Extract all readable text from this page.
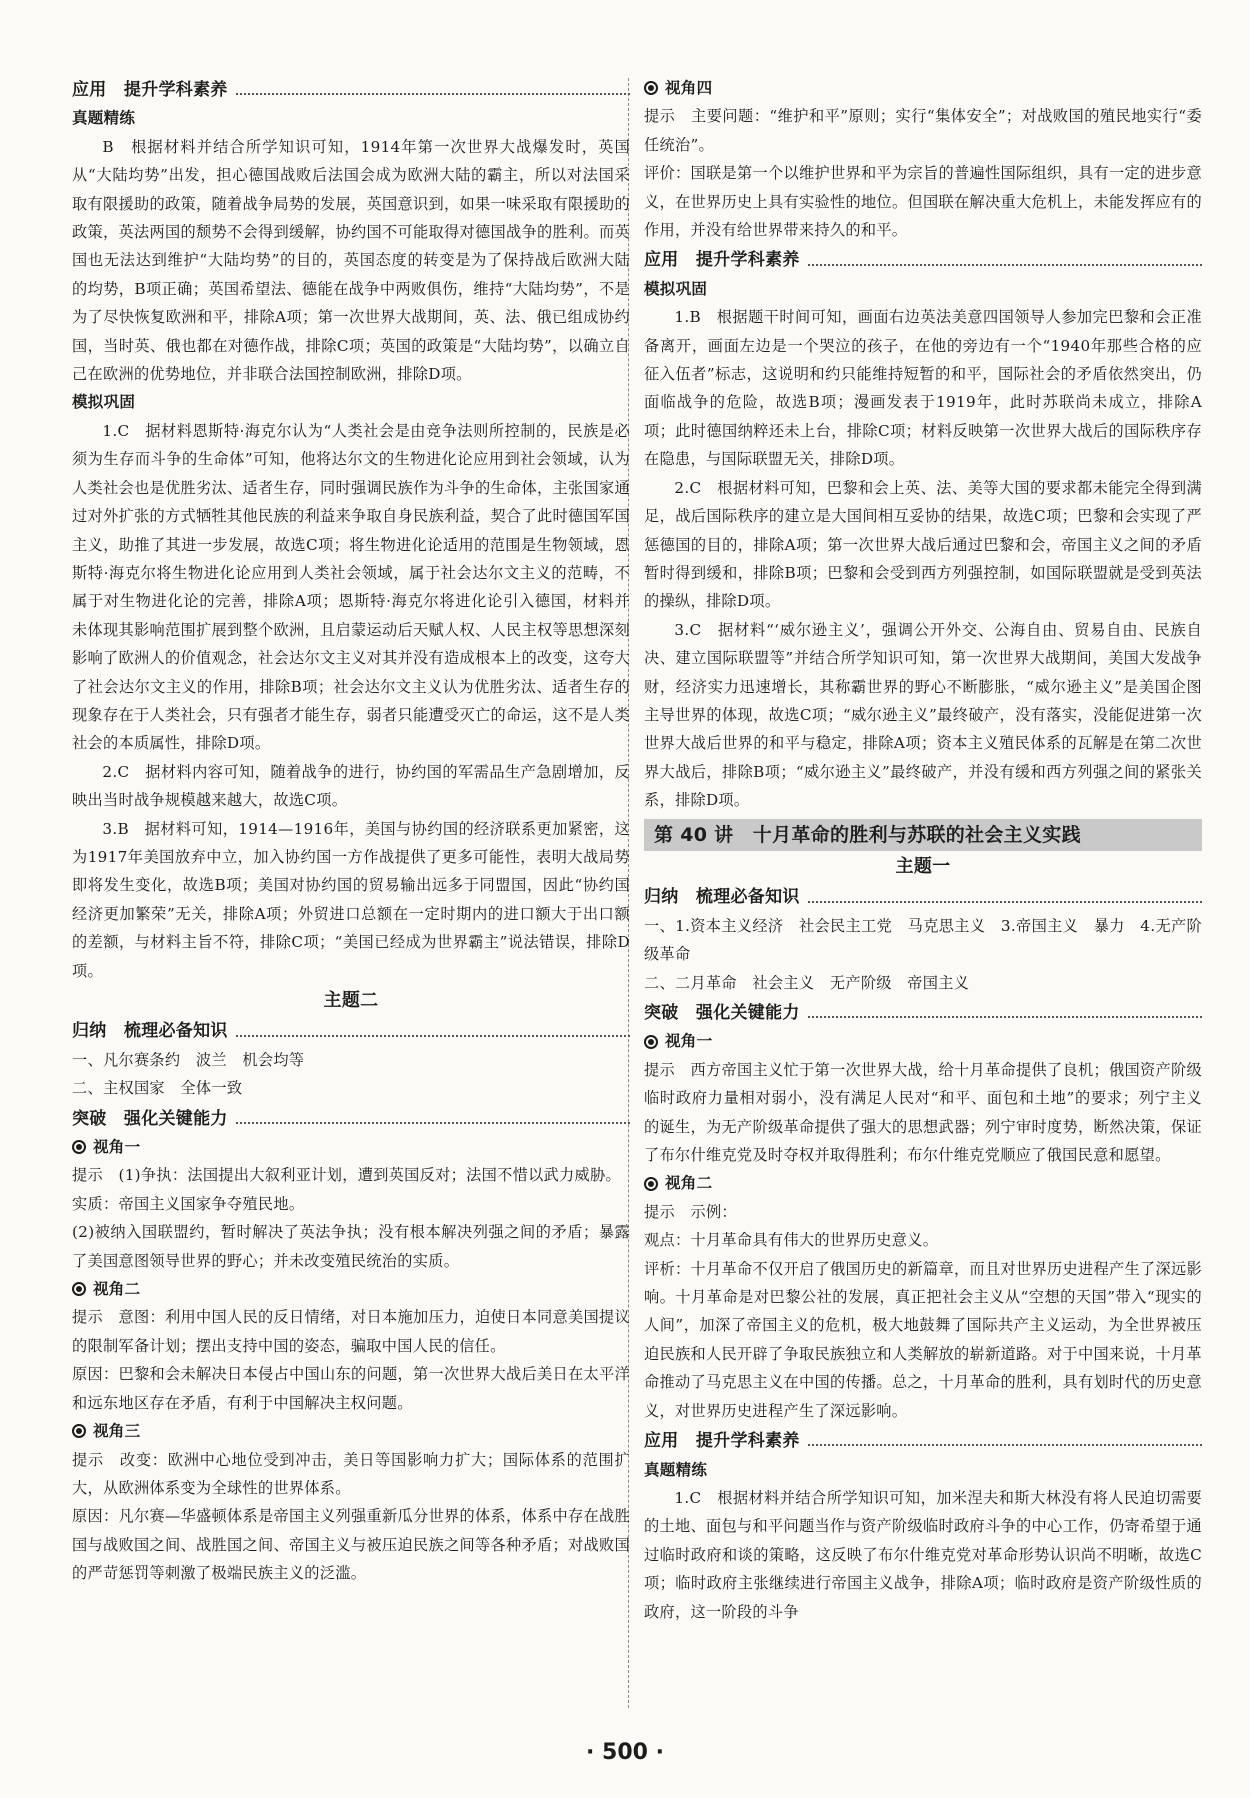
应用　提升学科素养
真题精练

B　根据材料并结合所学知识可知，1914年第一次世界大战爆发时，英国从“大陆均势”出发，担心德国战败后法国会成为欧洲大陆的霸主，所以对法国采取有限援助的政策，随着战争局势的发展，英国意识到，如果一味采取有限援助的政策，英法两国的颓势不会得到缓解，协约国不可能取得对德国战争的胜利。而英国也无法达到维护“大陆均势”的目的，英国态度的转变是为了保持战后欧洲大陆的均势，B项正确；英国希望法、德能在战争中两败俱伤，维持“大陆均势”，不是为了尽快恢复欧洲和平，排除A项；第一次世界大战期间，英、法、俄已组成协约国，当时英、俄也都在对德作战，排除C项；英国的政策是“大陆均势”，以确立自己在欧洲的优势地位，并非联合法国控制欧洲，排除D项。

模拟巩固

1.C　据材料恩斯特·海克尔认为“人类社会是由竞争法则所控制的，民族是必须为生存而斗争的生命体”可知，他将达尔文的生物进化论应用到社会领域，认为人类社会也是优胜劣汰、适者生存，同时强调民族作为斗争的生命体，主张国家通过对外扩张的方式牺牲其他民族的利益来争取自身民族利益，契合了此时德国军国主义，助推了其进一步发展，故选C项；将生物进化论适用的范围是生物领域，恩斯特·海克尔将生物进化论应用到人类社会领域，属于社会达尔文主义的范畴，不属于对生物进化论的完善，排除A项；恩斯特·海克尔将进化论引入德国，材料并未体现其影响范围扩展到整个欧洲，且启蒙运动后天赋人权、人民主权等思想深刻影响了欧洲人的价值观念，社会达尔文主义对其并没有造成根本上的改变，这夸大了社会达尔文主义的作用，排除B项；社会达尔文主义认为优胜劣汰、适者生存的现象存在于人类社会，只有强者才能生存，弱者只能遭受灭亡的命运，这不是人类社会的本质属性，排除D项。

2.C　据材料内容可知，随着战争的进行，协约国的军需品生产急剧增加，反映出当时战争规模越来越大，故选C项。

3.B　据材料可知，1914—1916年，美国与协约国的经济联系更加紧密，这为1917年美国放弃中立，加入协约国一方作战提供了更多可能性，表明大战局势即将发生变化，故选B项；美国对协约国的贸易输出远多于同盟国，因此“协约国经济更加繁荣”无关，排除A项；外贸进口总额在一定时期内的进口额大于出口额的差额，与材料主旨不符，排除C项；“美国已经成为世界霸主”说法错误，排除D项。

主题二
归纳　梳理必备知识

一、凡尔赛条约　波兰　机会均等

二、主权国家　全体一致

突破　强化关键能力
视角一

提示　(1)争执：法国提出大叙利亚计划，遭到英国反对；法国不惜以武力威胁。

实质：帝国主义国家争夺殖民地。

(2)被纳入国联盟约，暂时解决了英法争执；没有根本解决列强之间的矛盾；暴露了美国意图领导世界的野心；并未改变殖民统治的实质。

视角二

提示　意图：利用中国人民的反日情绪，对日本施加压力，迫使日本同意美国提议的限制军备计划；摆出支持中国的姿态，骗取中国人民的信任。

原因：巴黎和会未解决日本侵占中国山东的问题，第一次世界大战后美日在太平洋和远东地区存在矛盾，有利于中国解决主权问题。

视角三

提示　改变：欧洲中心地位受到冲击，美日等国影响力扩大；国际体系的范围扩大，从欧洲体系变为全球性的世界体系。

原因：凡尔赛—华盛顿体系是帝国主义列强重新瓜分世界的体系，体系中存在战胜国与战败国之间、战胜国之间、帝国主义与被压迫民族之间等各种矛盾；对战败国的严苛惩罚等刺激了极端民族主义的泛滥。

视角四

提示　主要问题：“维护和平”原则；实行“集体安全”；对战败国的殖民地实行“委任统治”。

评价：国联是第一个以维护世界和平为宗旨的普遍性国际组织，具有一定的进步意义，在世界历史上具有实验性的地位。但国联在解决重大危机上，未能发挥应有的作用，并没有给世界带来持久的和平。

应用　提升学科素养
模拟巩固

1.B　根据题干时间可知，画面右边英法美意四国领导人参加完巴黎和会正准备离开，画面左边是一个哭泣的孩子，在他的旁边有一个“1940年那些合格的应征入伍者”标志，这说明和约只能维持短暂的和平，国际社会的矛盾依然突出，仍面临战争的危险，故选B项；漫画发表于1919年，此时苏联尚未成立，排除A项；此时德国纳粹还未上台，排除C项；材料反映第一次世界大战后的国际秩序存在隐患，与国际联盟无关，排除D项。

2.C　根据材料可知，巴黎和会上英、法、美等大国的要求都未能完全得到满足，战后国际秩序的建立是大国间相互妥协的结果，故选C项；巴黎和会实现了严惩德国的目的，排除A项；第一次世界大战后通过巴黎和会，帝国主义之间的矛盾暂时得到缓和，排除B项；巴黎和会受到西方列强控制，如国际联盟就是受到英法的操纵，排除D项。

3.C　据材料“‘威尔逊主义’，强调公开外交、公海自由、贸易自由、民族自决、建立国际联盟等”并结合所学知识可知，第一次世界大战期间，美国大发战争财，经济实力迅速增长，其称霸世界的野心不断膨胀，“威尔逊主义”是美国企图主导世界的体现，故选C项；“威尔逊主义”最终破产，没有落实，没能促进第一次世界大战后世界的和平与稳定，排除A项；资本主义殖民体系的瓦解是在第二次世界大战后，排除B项；“威尔逊主义”最终破产，并没有缓和西方列强之间的紧张关系，排除D项。

第 40 讲　十月革命的胜利与苏联的社会主义实践
主题一
归纳　梳理必备知识

一、1.资本主义经济　社会民主工党　马克思主义　3.帝国主义　暴力　4.无产阶级革命

二、二月革命　社会主义　无产阶级　帝国主义

突破　强化关键能力
视角一

提示　西方帝国主义忙于第一次世界大战，给十月革命提供了良机；俄国资产阶级临时政府力量相对弱小，没有满足人民对“和平、面包和土地”的要求；列宁主义的诞生，为无产阶级革命提供了强大的思想武器；列宁审时度势，断然决策，保证了布尔什维克党及时夺权并取得胜利；布尔什维克党顺应了俄国民意和愿望。

视角二

提示　示例：

观点：十月革命具有伟大的世界历史意义。

评析：十月革命不仅开启了俄国历史的新篇章，而且对世界历史进程产生了深远影响。十月革命是对巴黎公社的发展，真正把社会主义从“空想的天国”带入“现实的人间”，加深了帝国主义的危机，极大地鼓舞了国际共产主义运动，为全世界被压迫民族和人民开辟了争取民族独立和人类解放的崭新道路。对于中国来说，十月革命推动了马克思主义在中国的传播。总之，十月革命的胜利，具有划时代的历史意义，对世界历史进程产生了深远影响。

应用　提升学科素养
真题精练

1.C　根据材料并结合所学知识可知，加米涅夫和斯大林没有将人民迫切需要的土地、面包与和平问题当作与资产阶级临时政府斗争的中心工作，仍寄希望于通过临时政府和谈的策略，这反映了布尔什维克党对革命形势认识尚不明晰，故选C项；临时政府主张继续进行帝国主义战争，排除A项；临时政府是资产阶级性质的政府，这一阶段的斗争

· 500 ·
